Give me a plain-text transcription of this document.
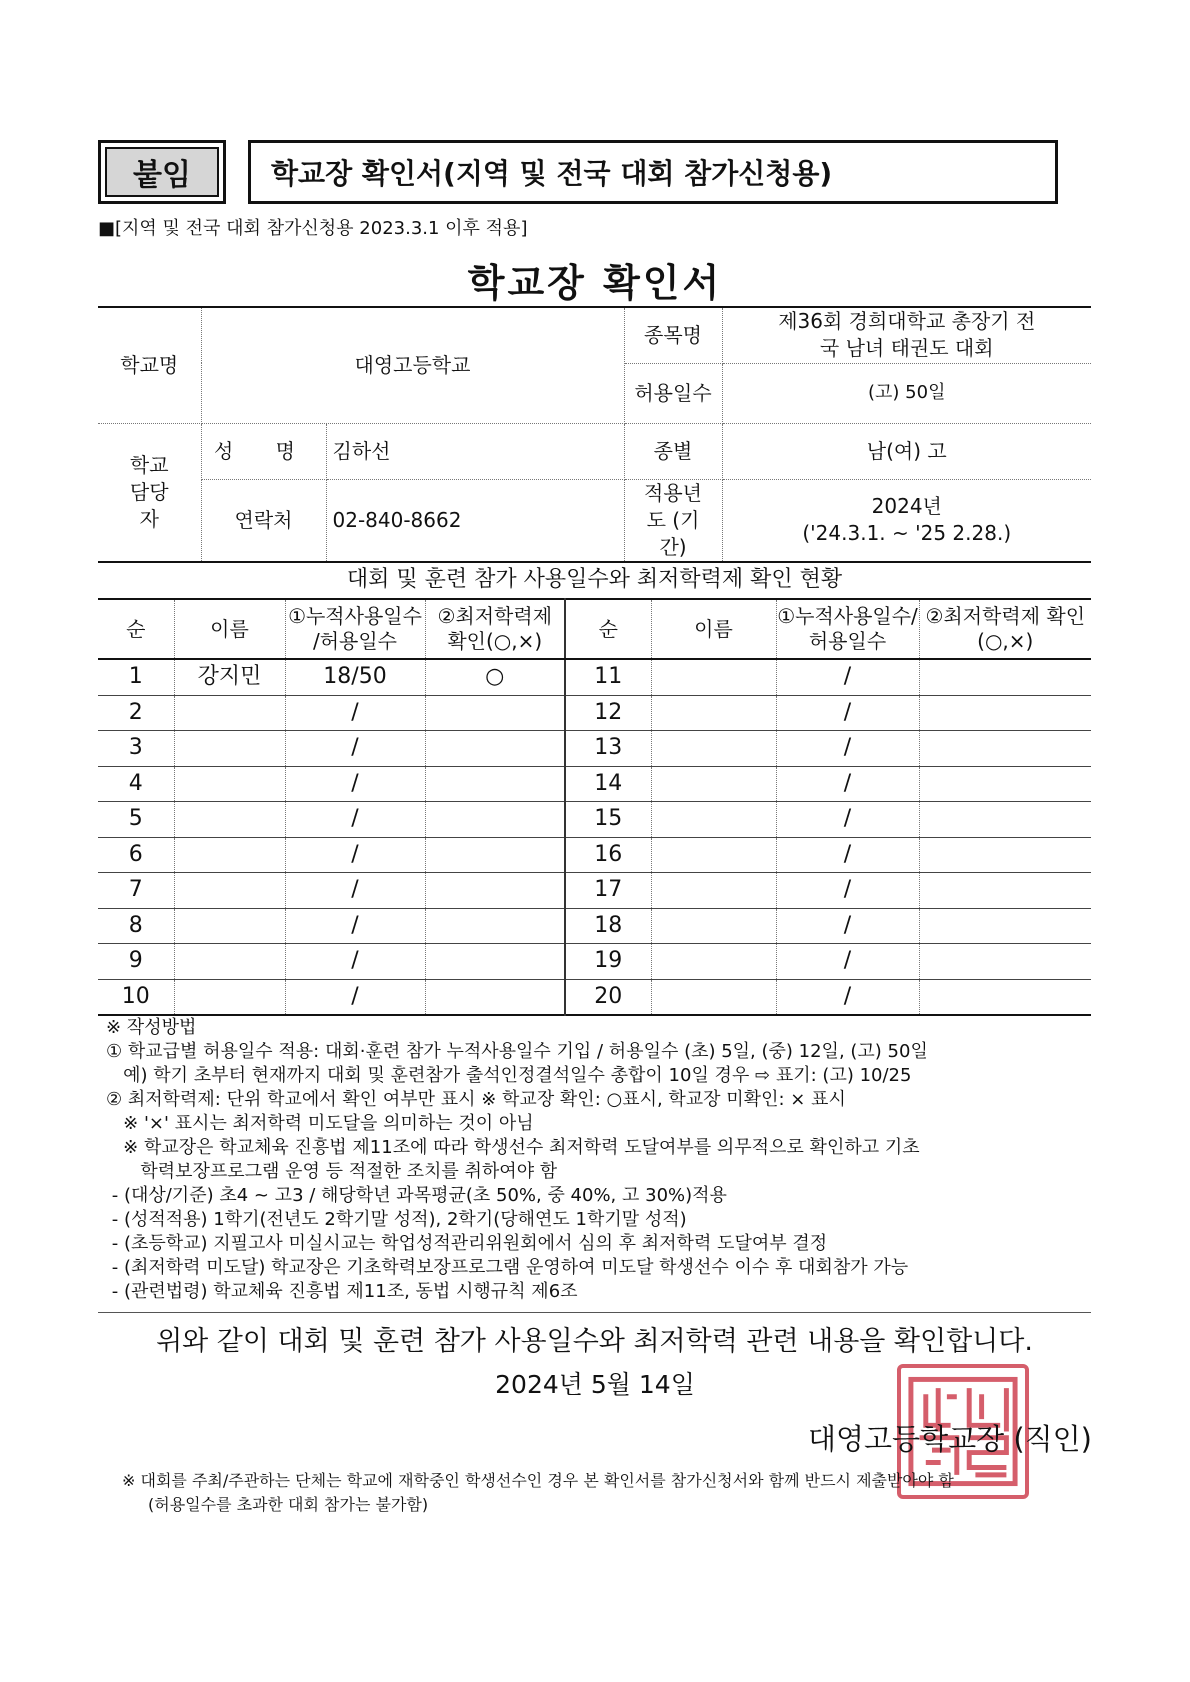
붙임	학교장 확인서(지역 및 전국 대회 참가신청용)
■[지역 및 전국 대회 참가신청용 2023.3.1 이후 적용]
학교장 확인서
학교명	대영고등학교		종목명	제36회 경희대학교 총장기 전국 남녀 태권도 대회
			허용일수	(고) 50일
학교 담당자	성 명	김하선	종별	남(여) 고
	연락처	02-840-8662	적용년도 (기간)	2024년
('24.3.1. ~ '25 2.28.)
대회 및 훈련 참가 사용일수와 최저학력제 확인 현황
순	이름	①누적사용일수 /허용일수	②최저학력제 확인(○,×)	순	이름	①누적사용일수/ 허용일수	②최저학력제 확인(○,×)
1	강지민	18/50	○	11		/	
2		/		12		/	
3		/		13		/	
4		/		14		/	
5		/		15		/	
6		/		16		/	
7		/		17		/	
8		/		18		/	
9		/		19		/	
10		/		20		/	
※ 작성방법
① 학교급별 허용일수 적용: 대회·훈련 참가 누적사용일수 기입 / 허용일수 (초) 5일, (중) 12일, (고) 50일
예) 학기 초부터 현재까지 대회 및 훈련참가 출석인정결석일수 총합이 10일 경우 ⇨ 표기: (고) 10/25
② 최저학력제: 단위 학교에서 확인 여부만 표시 ※ 학교장 확인: ○표시, 학교장 미확인: × 표시
※ '×' 표시는 최저학력 미도달을 의미하는 것이 아님
※ 학교장은 학교체육 진흥법 제11조에 따라 학생선수 최저학력 도달여부를 의무적으로 확인하고 기초
학력보장프로그램 운영 등 적절한 조치를 취하여야 함
- (대상/기준) 초4 ~ 고3 / 해당학년 과목평균(초 50%, 중 40%, 고 30%)적용
- (성적적용) 1학기(전년도 2학기말 성적), 2학기(당해연도 1학기말 성적)
- (초등학교) 지필고사 미실시교는 학업성적관리위원회에서 심의 후 최저학력 도달여부 결정
- (최저학력 미도달) 학교장은 기초학력보장프로그램 운영하여 미도달 학생선수 이수 후 대회참가 가능
- (관련법령) 학교체육 진흥법 제11조, 동법 시행규칙 제6조
위와 같이 대회 및 훈련 참가 사용일수와 최저학력 관련 내용을 확인합니다.
2024년 5월 14일
대영고등학교장 (직인)
※ 대회를 주최/주관하는 단체는 학교에 재학중인 학생선수인 경우 본 확인서를 참가신청서와 함께 반드시 제출받아야 함
(허용일수를 초과한 대회 참가는 불가함)
